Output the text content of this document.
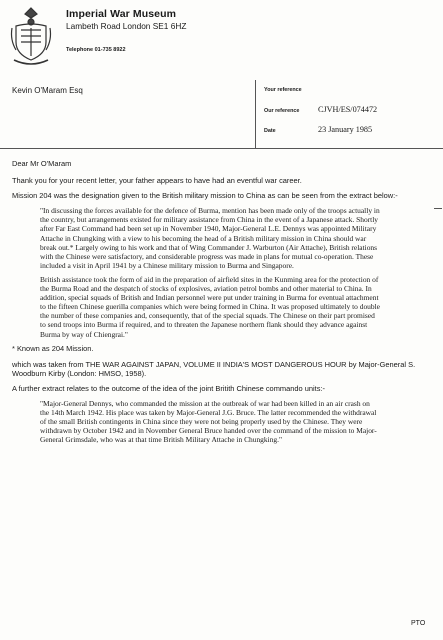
Imperial War Museum
Lambeth Road London SE1 6HZ
Telephone 01-735 8922
Kevin O'Maram Esq	Your reference
Our reference CJVH/ES/074472
Date	23 January 1985

Dear Mr O'Maram

Thank you for your recent letter, your father appears to have had an eventful war career.

Mission 204 was the designation given to the British military mission to China as can be seen from the extract below:-

"In discussing the forces available for the defence of Burma, mention has been made only of the troops actually in the country, but arrangements existed for military assistance from China in the event of a Japanese attack. Shortly after Far East Command had been set up in November 1940, Major-General L.E. Dennys was appointed Military Attache in Chungking with a view to his becoming the head of a British military mission in China should war break out.* Largely owing to his work and that of Wing Commander J. Warburton (Air Attache), British relations with the Chinese were satisfactory, and considerable progress was made in plans for mutual co-operation. These included a visit in April 1941 by a Chinese military mission to Burma and Singapore.

British assistance took the form of aid in the preparation of airfield sites in the Kunming area for the protection of the Burma Road and the despatch of stocks of explosives, aviation petrol bombs and other material to China. In addition, special squads of British and Indian personnel were put under training in Burma for eventual attachment to the fifteen Chinese guerilla companies which were being formed in China. It was proposed ultimately to double the number of these companies and, consequently, that of the special squads. The Chinese on their part promised to send troops into Burma if required, and to threaten the Japanese northern flank should they advance against Burma by way of Chiengrai."

* Known as 204 Mission.

which was taken from THE WAR AGAINST JAPAN, VOLUME II INDIA'S MOST DANGEROUS HOUR by Major-General S. Woodburn Kirby (London: HMSO, 1958).

A further extract relates to the outcome of the idea of the joint Britith Chinese commando units:-

"Major-General Dennys, who commanded the mission at the outbreak of war had been killed in an air crash on the 14th March 1942. His place was taken by Major-General J.G. Bruce. The latter recommended the withdrawal of the small British contingents in China since they were not being properly used by the Chinese. They were withdrawn by October 1942 and in November General Bruce handed over the command of the mission to Major-General Grimsdale, who was at that time British Military Attache in Chungking."

PTO
